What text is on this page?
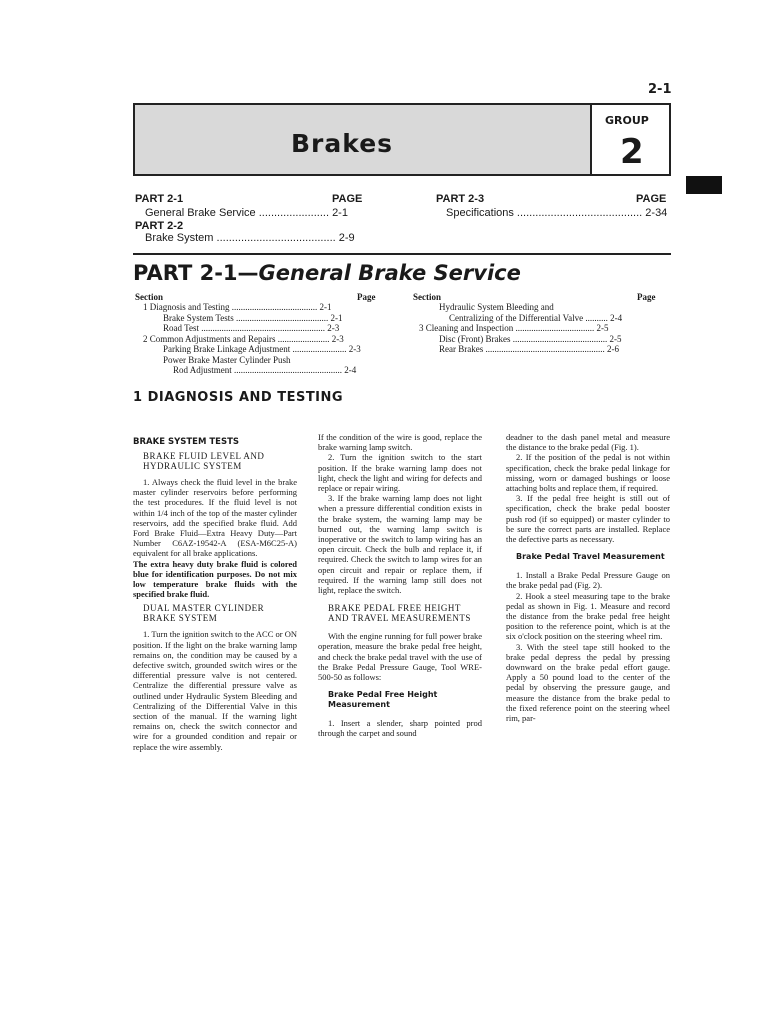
2-1
Brakes
GROUP
2
PART 2-1	PAGE
General Brake Service ....................... 2-1
PART 2-2
Brake System ....................................... 2-9
PART 2-3	PAGE
Specifications ......................................... 2-34
PART 2-1—General Brake Service
Section	Page
1 Diagnosis and Testing ...................................... 2-1
Brake System Tests ......................................... 2-1
Road Test ....................................................... 2-3
2 Common Adjustments and Repairs ....................... 2-3
Parking Brake Linkage Adjustment ........................ 2-3
Power Brake Master Cylinder Push
Rod Adjustment ................................................ 2-4
Section	Page
Hydraulic System Bleeding and
Centralizing of the Differential Valve .......... 2-4
3 Cleaning and Inspection ................................... 2-5
Disc (Front) Brakes .......................................... 2-5
Rear Brakes ..................................................... 2-6
1 DIAGNOSIS AND TESTING
BRAKE SYSTEM TESTS
BRAKE FLUID LEVEL AND HYDRAULIC SYSTEM

1. Always check the fluid level in the brake master cylinder reservoirs before performing the test procedures. If the fluid level is not within 1/4 inch of the top of the master cylinder reservoirs, add the specified brake fluid. Add Ford Brake Fluid—Extra Heavy Duty—Part Number C6AZ-19542-A (ESA-M6C25-A) equivalent for all brake applications.

The extra heavy duty brake fluid is colored blue for identification purposes. Do not mix low temperature brake fluids with the specified brake fluid.

DUAL MASTER CYLINDER BRAKE SYSTEM

1. Turn the ignition switch to the ACC or ON position. If the light on the brake warning lamp remains on, the condition may be caused by a defective switch, grounded switch wires or the differential pressure valve is not centered. Centralize the differential pressure valve as outlined under Hydraulic System Bleeding and Centralizing of the Differential Valve in this section of the manual. If the warning light remains on, check the switch connector and wire for a grounded condition and repair or replace the wire assembly.

If the condition of the wire is good, replace the brake warning lamp switch.

2. Turn the ignition switch to the start position. If the brake warning lamp does not light, check the light and wiring for defects and replace or repair wiring.

3. If the brake warning lamp does not light when a pressure differential condition exists in the brake system, the warning lamp may be burned out, the warning lamp switch is inoperative or the switch to lamp wiring has an open circuit. Check the bulb and replace it, if required. Check the switch to lamp wires for an open circuit and repair or replace them, if required. If the warning lamp still does not light, replace the switch.

BRAKE PEDAL FREE HEIGHT AND TRAVEL MEASUREMENTS

With the engine running for full power brake operation, measure the brake pedal free height, and check the brake pedal travel with the use of the Brake Pedal Pressure Gauge, Tool WRE-500-50 as follows:

Brake Pedal Free Height Measurement

1. Insert a slender, sharp pointed prod through the carpet and sound

deadner to the dash panel metal and measure the distance to the brake pedal (Fig. 1).

2. If the position of the pedal is not within specification, check the brake pedal linkage for missing, worn or damaged bushings or loose attaching bolts and replace them, if required.

3. If the pedal free height is still out of specification, check the brake pedal booster push rod (if so equipped) or master cylinder to be sure the correct parts are installed. Replace the defective parts as necessary.

Brake Pedal Travel Measurement

1. Install a Brake Pedal Pressure Gauge on the brake pedal pad (Fig. 2).

2. Hook a steel measuring tape to the brake pedal as shown in Fig. 1. Measure and record the distance from the brake pedal free height position to the reference point, which is at the six o'clock position on the steering wheel rim.

3. With the steel tape still hooked to the brake pedal depress the pedal by pressing downward on the brake pedal effort gauge. Apply a 50 pound load to the center of the pedal by observing the pressure gauge, and measure the distance from the brake pedal to the fixed reference point on the steering wheel rim, par-
